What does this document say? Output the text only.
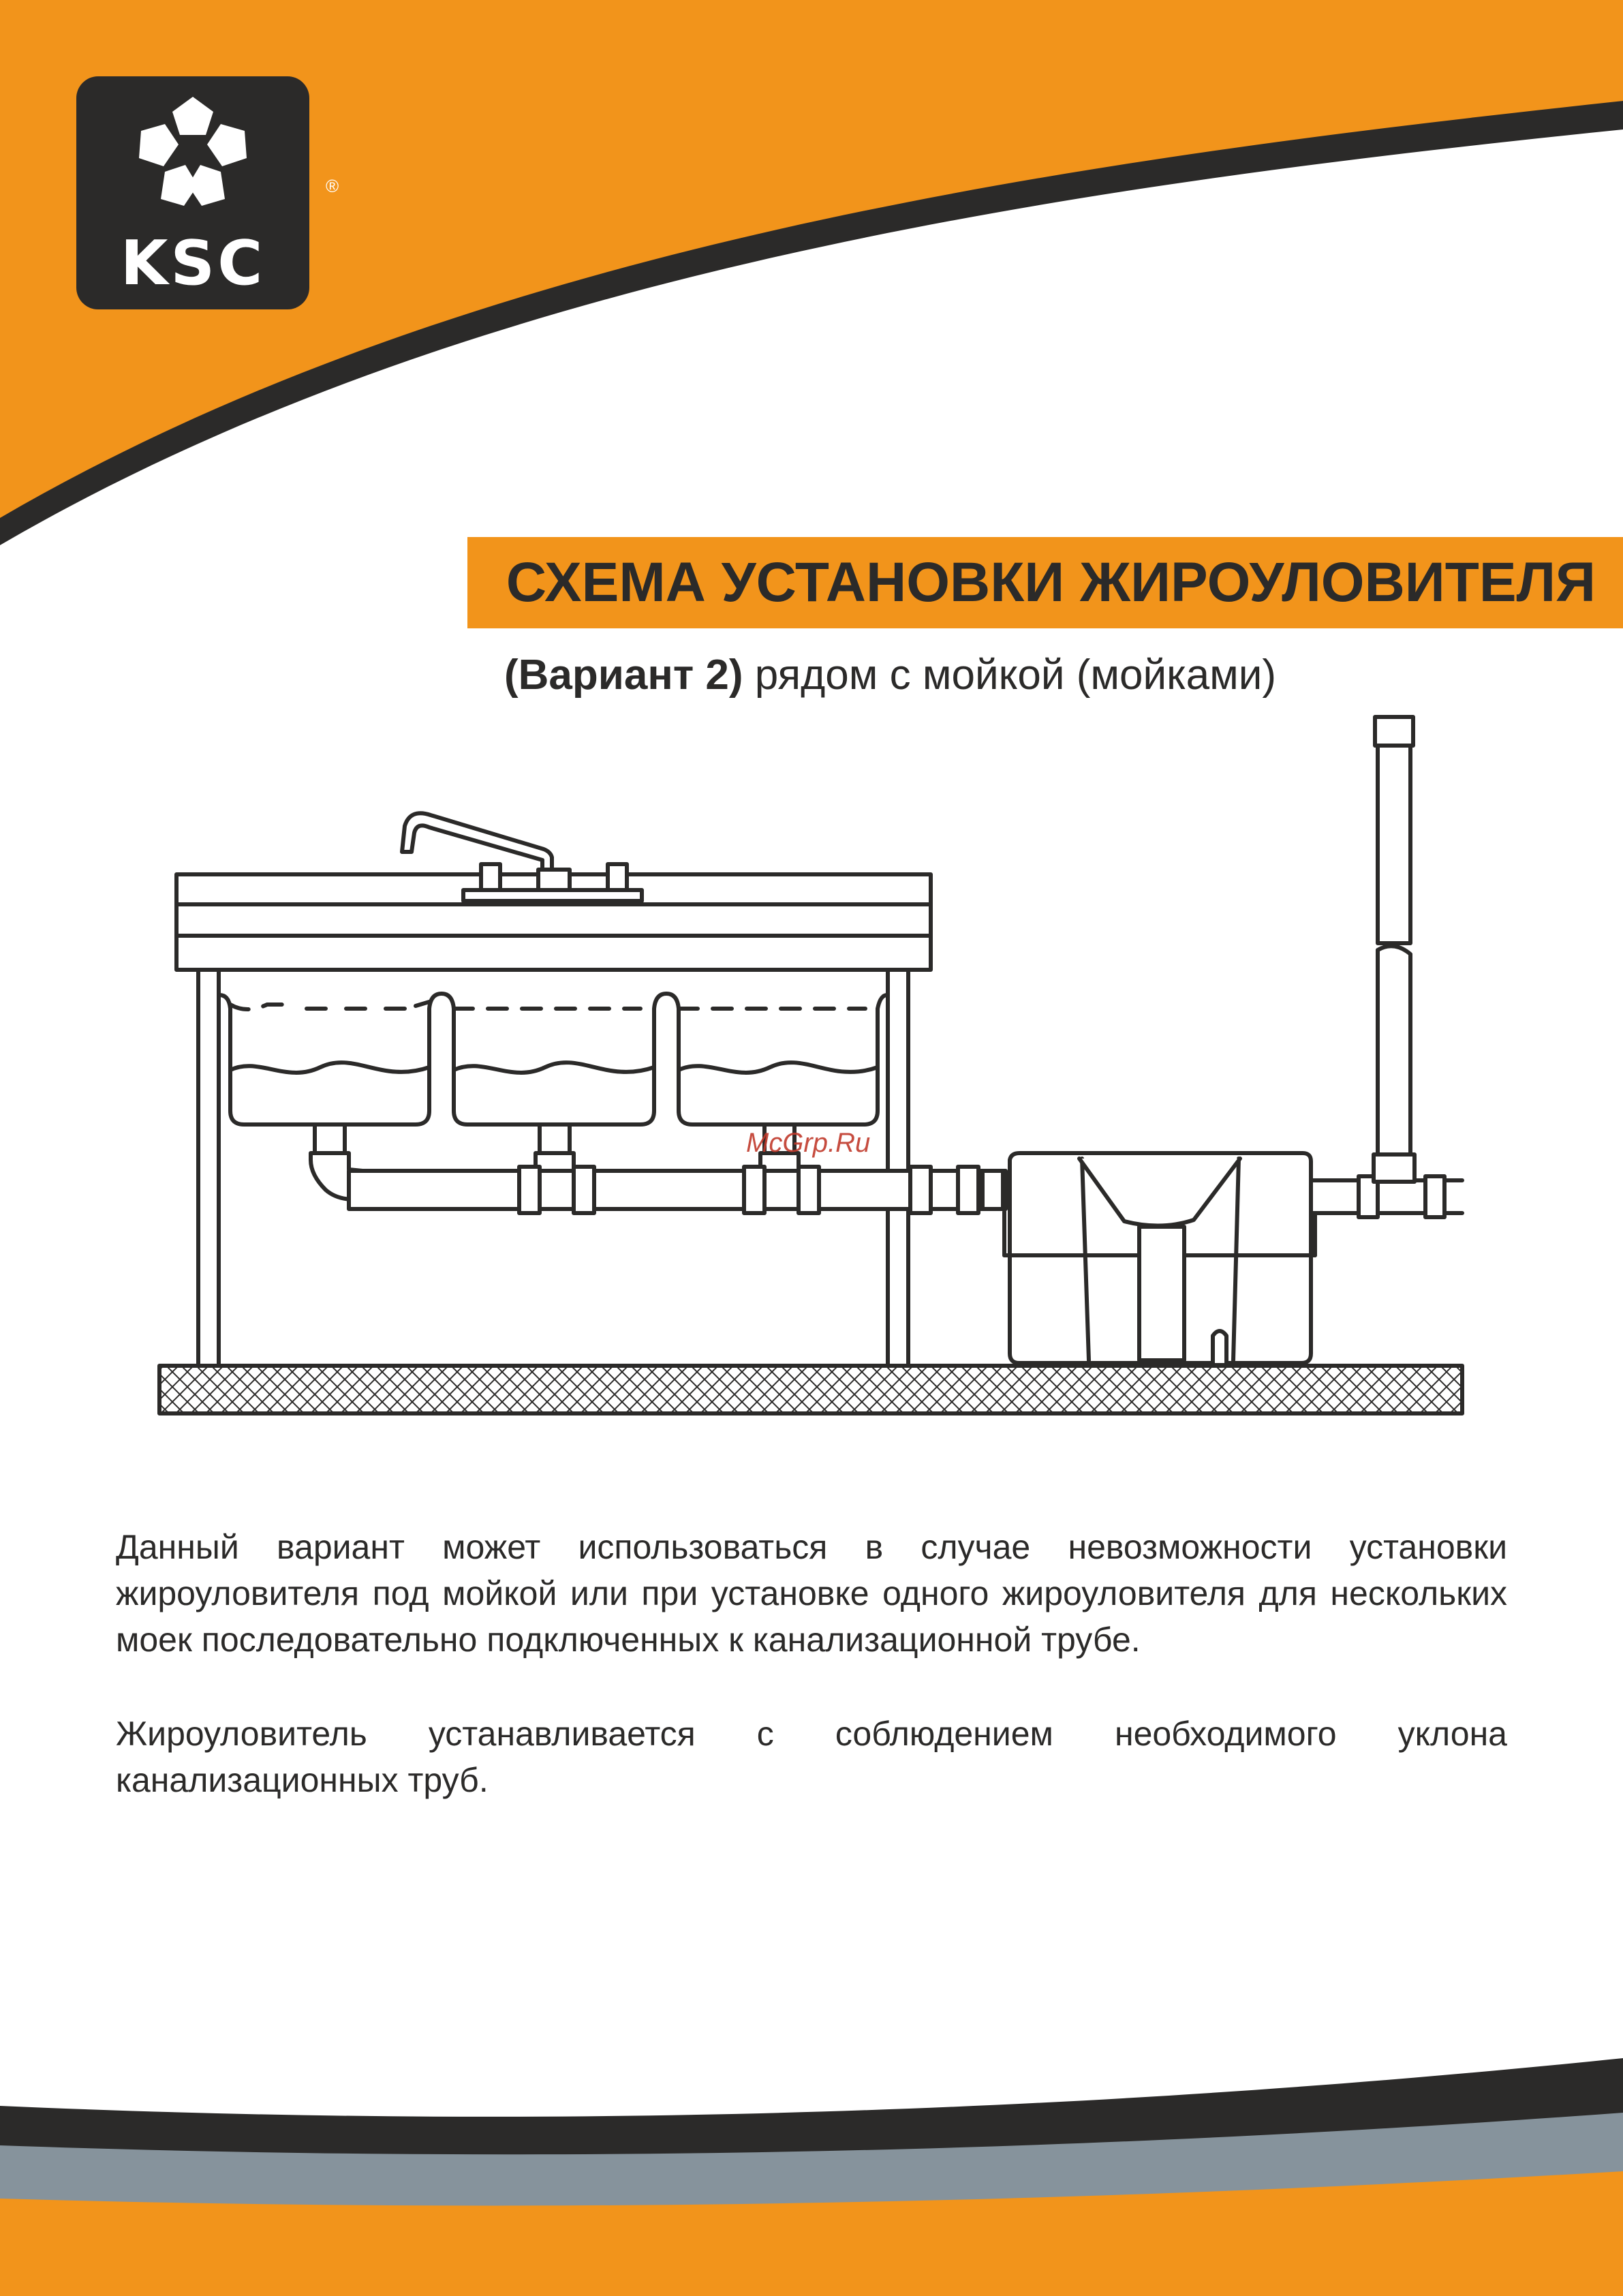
®
KSC
СХЕМА УСТАНОВКИ ЖИРОУЛОВИТЕЛЯ
(Вариант 2) рядом с мойкой (мойками)
McGrp.Ru

Данный вариант может использоваться в случае невозможности установки жироуловителя под мойкой или при установке одного жироуловителя для нескольких моек последовательно подключенных к канализационной трубе.

Жироуловитель устанавливается с соблюдением необходимого уклона канализационных труб.
